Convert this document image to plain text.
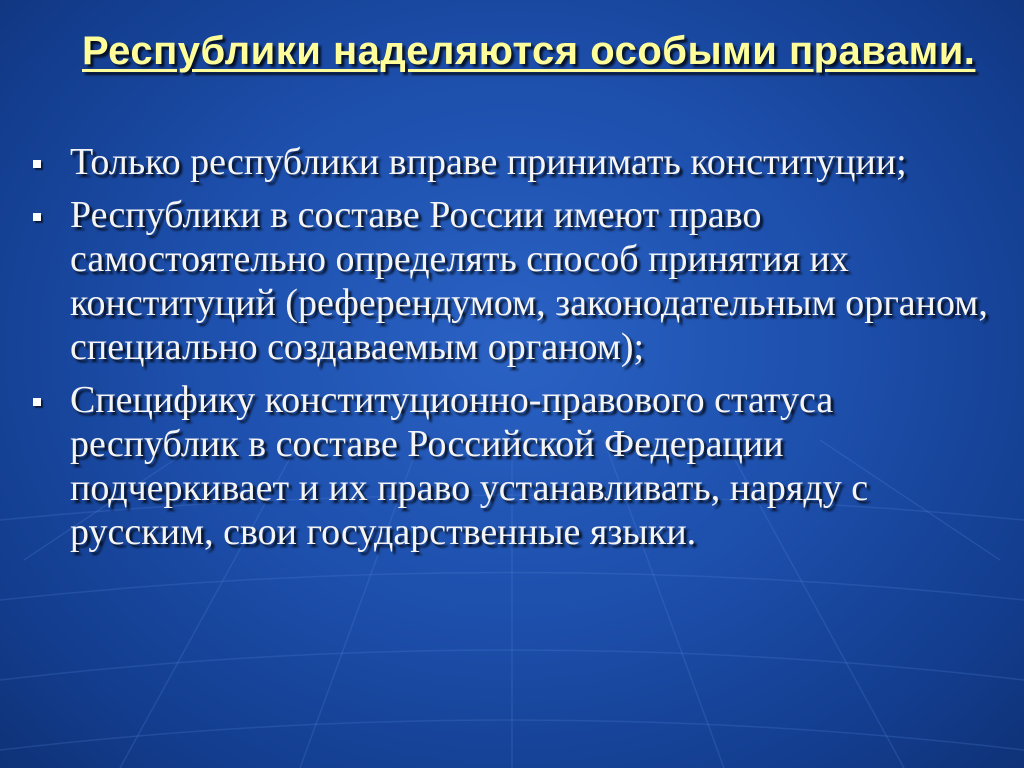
Республики наделяются особыми правами.
Только республики вправе принимать конституции;
Республики в составе России имеют право самостоятельно определять способ принятия их конституций (референдумом, законодательным органом, специально создаваемым органом);
Специфику конституционно-правового статуса республик в составе Российской Федерации подчеркивает и их право устанавливать, наряду с русским, свои государственные языки.
